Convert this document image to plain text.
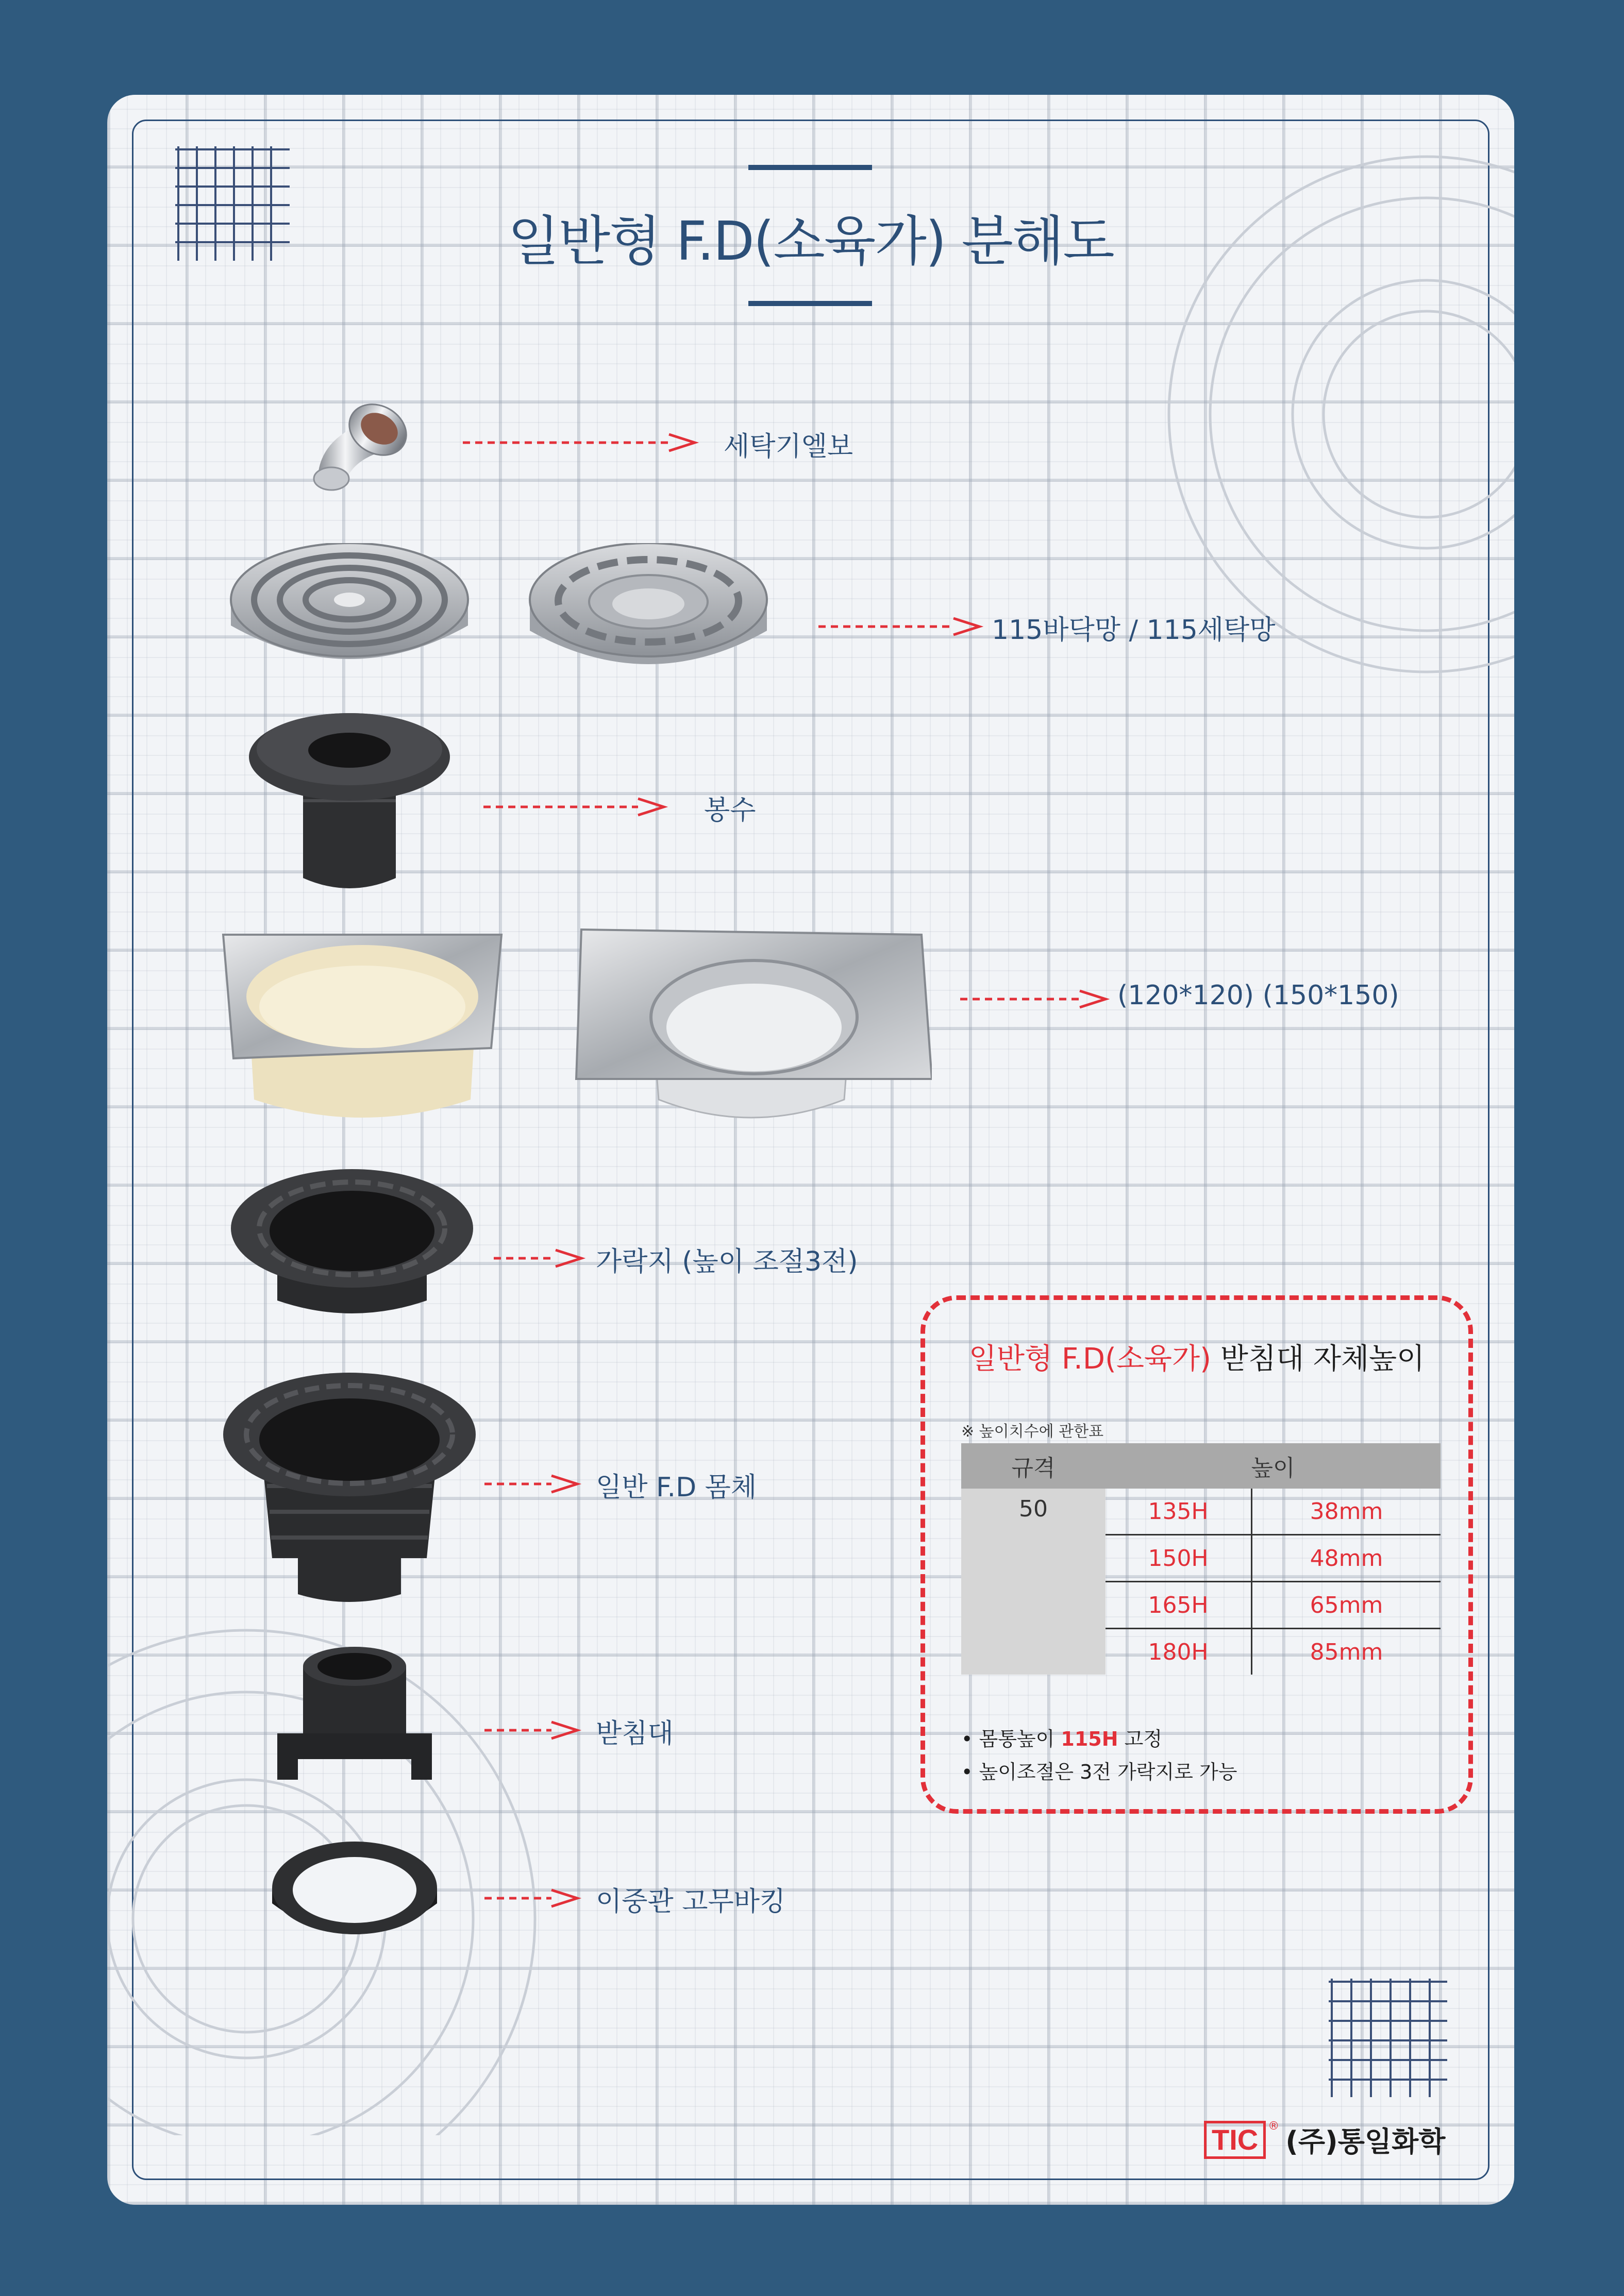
일반형 F.D(소육가) 분해도
세탁기엘보
115바닥망 / 115세탁망
봉수
(120*120) (150*150)
가락지 (높이 조절3전)
일반 F.D 몸체
받침대
이중관 고무바킹
일반형 F.D(소육가) 받침대 자체높이
※ 높이치수에 관한표
규격	높이	
50	135H	38mm
	150H	48mm
	165H	65mm
	180H	85mm
• 몸통높이 115H 고정
• 높이조절은 3전 가락지로 가능
TIC ® (주)통일화학
